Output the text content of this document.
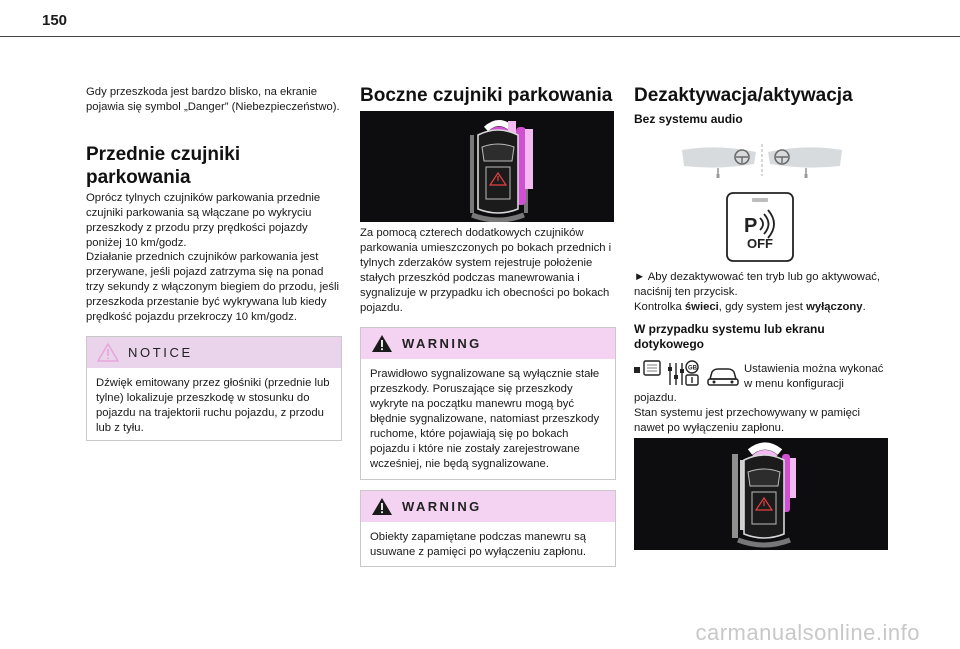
150
Gdy przeszkoda jest bardzo blisko, na ekranie pojawia się symbol „Danger” (Niebezpieczeństwo).
Przednie czujniki parkowania
Oprócz tylnych czujników parkowania przednie czujniki parkowania są włączane po wykryciu przeszkody z przodu przy prędkości pojazdy poniżej 10 km/godz.
Działanie przednich czujników parkowania jest przerywane, jeśli pojazd zatrzyma się na ponad trzy sekundy z włączonym biegiem do przodu, jeśli przeszkoda przestanie być wykrywana lub kiedy prędkość pojazdu przekroczy 10 km/godz.
NOTICE
Dźwięk emitowany przez głośniki (przednie lub tylne) lokalizuje przeszkodę w stosunku do pojazdu na trajektorii ruchu pojazdu, z przodu lub z tyłu.
Boczne czujniki parkowania
Za pomocą czterech dodatkowych czujników parkowania umieszczonych po bokach przednich i tylnych zderzaków system rejestruje położenie stałych przeszkód podczas manewrowania i sygnalizuje w przypadku ich obecności po bokach pojazdu.
WARNING
Prawidłowo sygnalizowane są wyłącznie stałe przeszkody. Poruszające się przeszkody wykryte na początku manewru mogą być błędnie sygnalizowane, natomiast przeszkody ruchome, które pojawiają się po bokach pojazdu i które nie zostały zarejestrowane wcześniej, nie będą sygnalizowane.
WARNING
Obiekty zapamiętane podczas manewru są usuwane z pamięci po wyłączeniu zapłonu.
Dezaktywacja/aktywacja
Bez systemu audio
P
OFF
► Aby dezaktywować ten tryb lub go aktywować, naciśnij ten przycisk.
Kontrolka świeci, gdy system jest wyłączony.
W przypadku systemu lub ekranu dotykowego
GB	Ustawienia można wykonać w menu konfiguracji
pojazdu.
Stan systemu jest przechowywany w pamięci nawet po wyłączeniu zapłonu.
carmanualsonline.info
